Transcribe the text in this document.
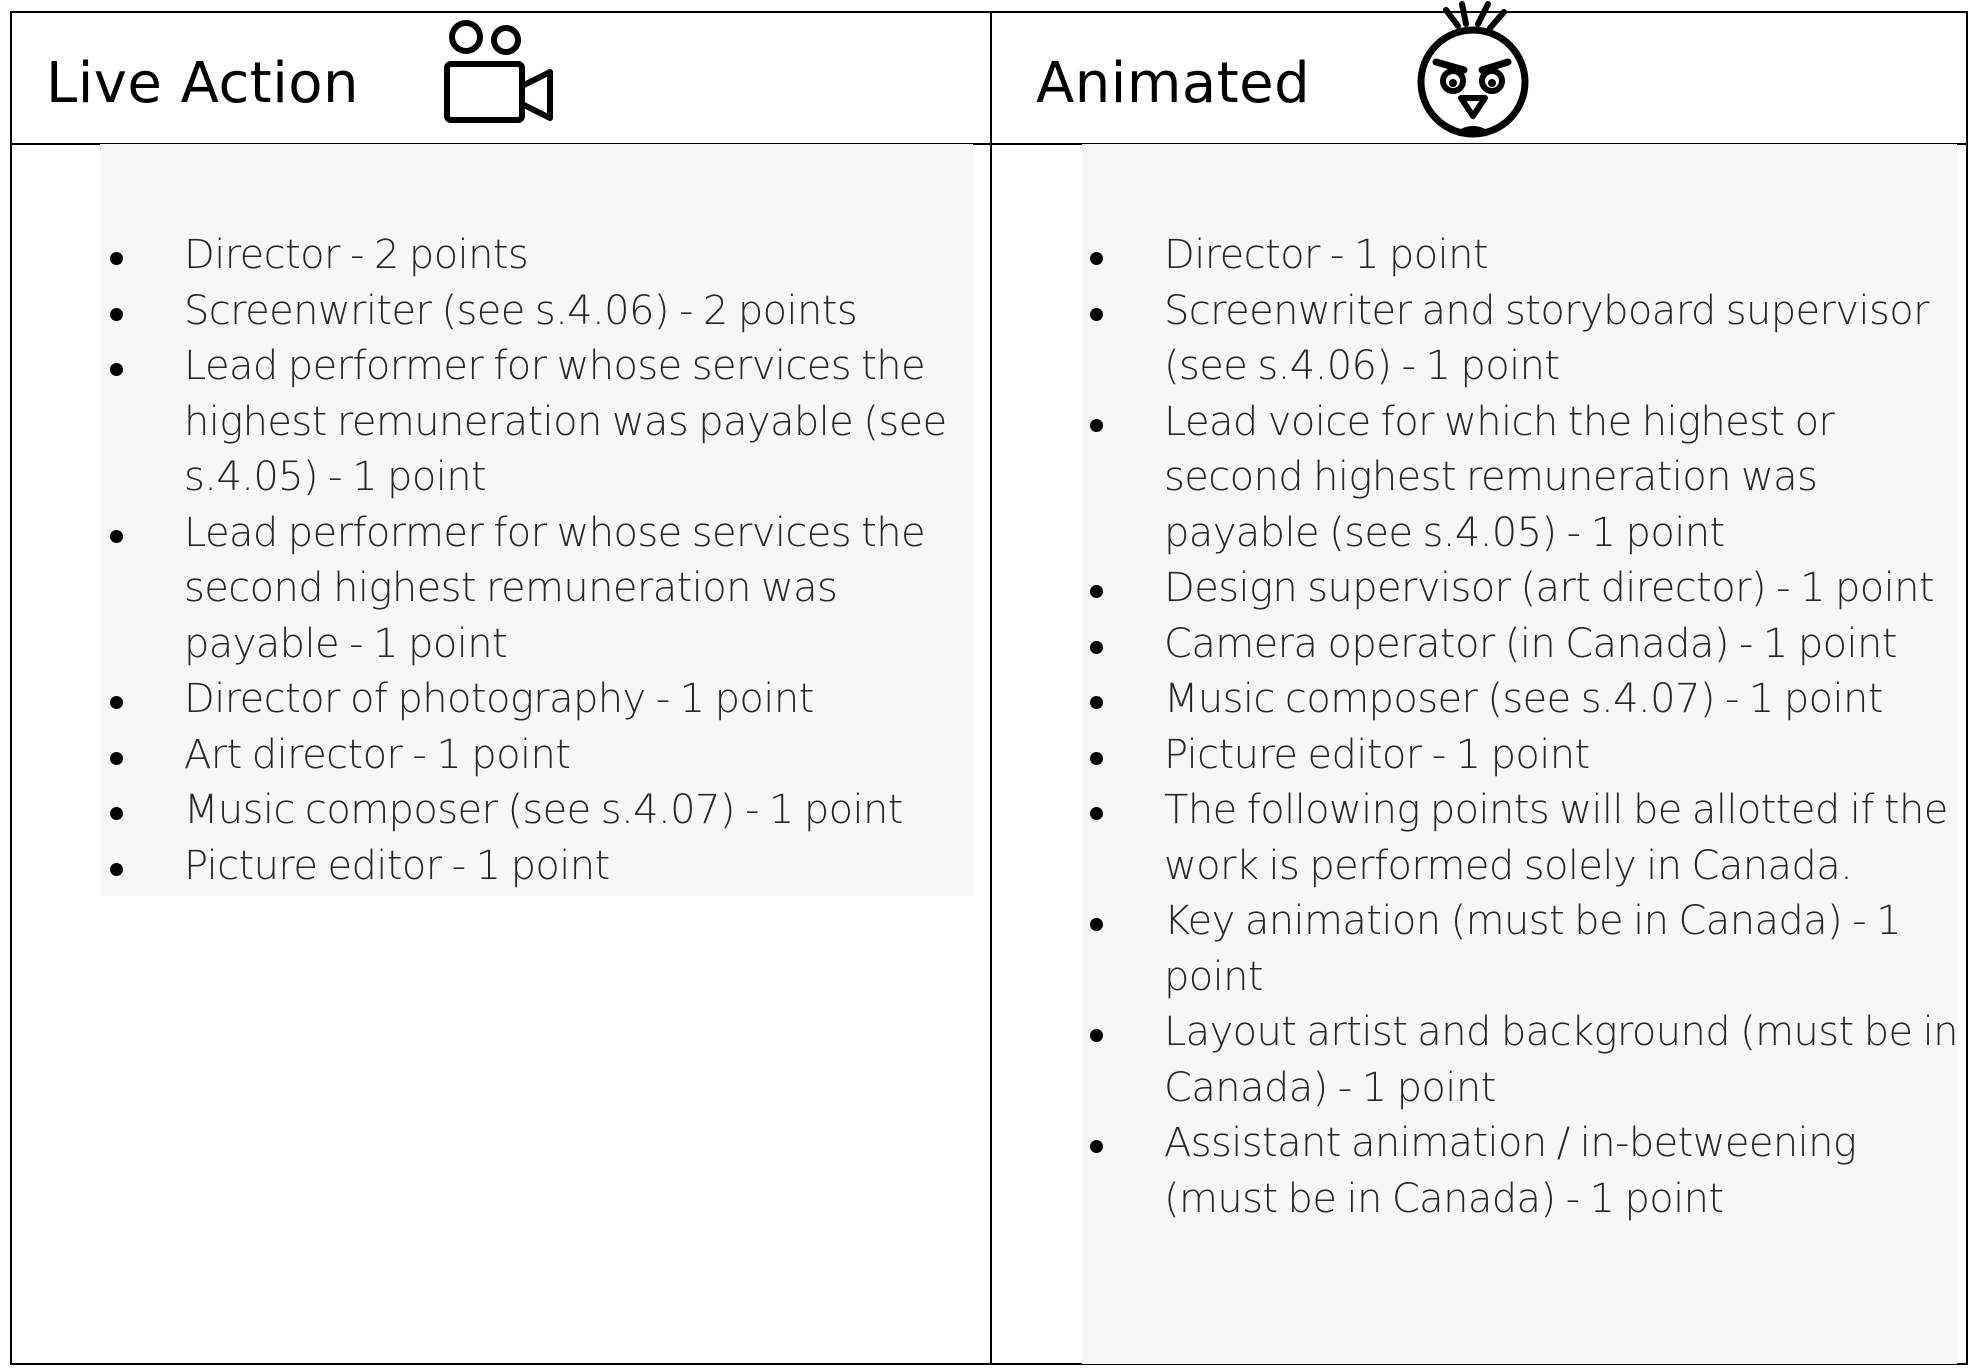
Live Action	Animated
Director - 2 points
Screenwriter (see s.4.06) - 2 points
Lead performer for whose services the highest remuneration was payable (see s.4.05) - 1 point
Lead performer for whose services the second highest remuneration was payable - 1 point
Director of photography - 1 point
Art director - 1 point
Music composer (see s.4.07) - 1 point
Picture editor - 1 point
Director - 1 point
Screenwriter and storyboard supervisor (see s.4.06) - 1 point
Lead voice for which the highest or second highest remuneration was payable (see s.4.05) - 1 point
Design supervisor (art director) - 1 point
Camera operator (in Canada) - 1 point
Music composer (see s.4.07) - 1 point
Picture editor - 1 point
The following points will be allotted if the work is performed solely in Canada.
Key animation (must be in Canada) - 1 point
Layout artist and background (must be in Canada) - 1 point
Assistant animation / in-betweening (must be in Canada) - 1 point
